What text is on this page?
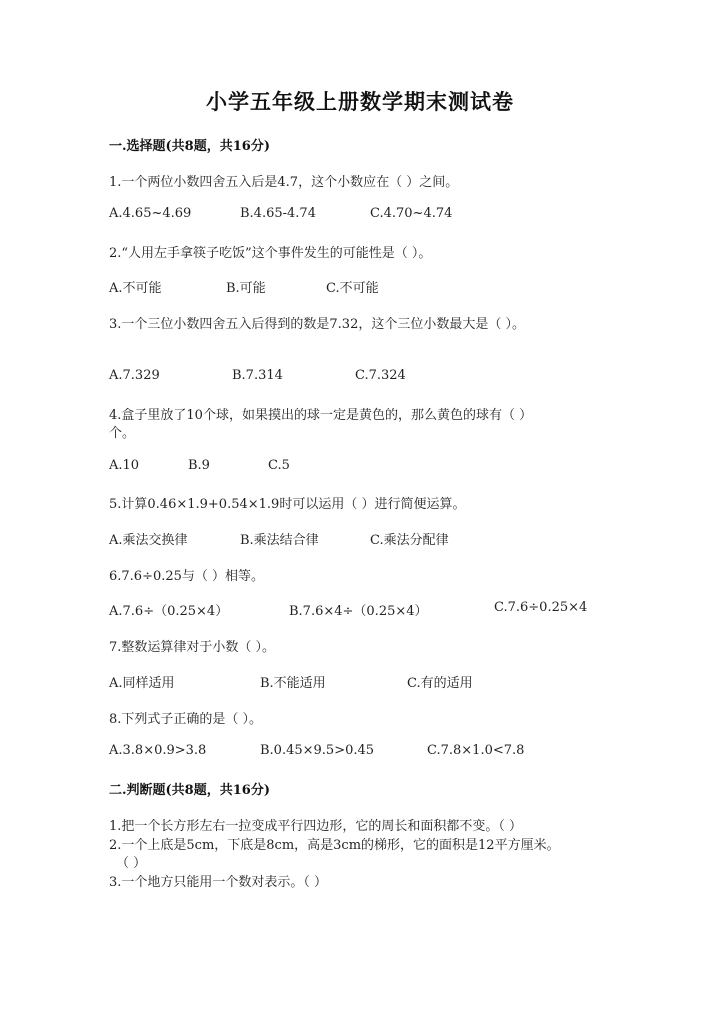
小学五年级上册数学期末测试卷
一.选择题(共8题，共16分)
1.一个两位小数四舍五入后是4.7，这个小数应在（ ）之间。
A.4.65~4.69	B.4.65-4.74	C.4.70~4.74
2.“人用左手拿筷子吃饭”这个事件发生的可能性是（ ）。
A.不可能	B.可能	C.不可能
3.一个三位小数四舍五入后得到的数是7.32，这个三位小数最大是（ ）。
A.7.329	B.7.314	C.7.324
4.盒子里放了10个球，如果摸出的球一定是黄色的，那么黄色的球有（ ）
个。
A.10	B.9	C.5
5.计算0.46×1.9+0.54×1.9时可以运用（ ）进行简便运算。
A.乘法交换律	B.乘法结合律	C.乘法分配律
6.7.6÷0.25与（ ）相等。
A.7.6÷（0.25×4）	B.7.6×4÷（0.25×4）	C.7.6÷0.25×4
7.整数运算律对于小数（ ）。
A.同样适用	B.不能适用	C.有的适用
8.下列式子正确的是（ ）。
A.3.8×0.9>3.8	B.0.45×9.5>0.45	C.7.8×1.0<7.8
二.判断题(共8题，共16分)
1.把一个长方形左右一拉变成平行四边形，它的周长和面积都不变。（ ）
2.一个上底是5cm，下底是8cm，高是3cm的梯形，它的面积是12平方厘米。
（ ）
3.一个地方只能用一个数对表示。（ ）
